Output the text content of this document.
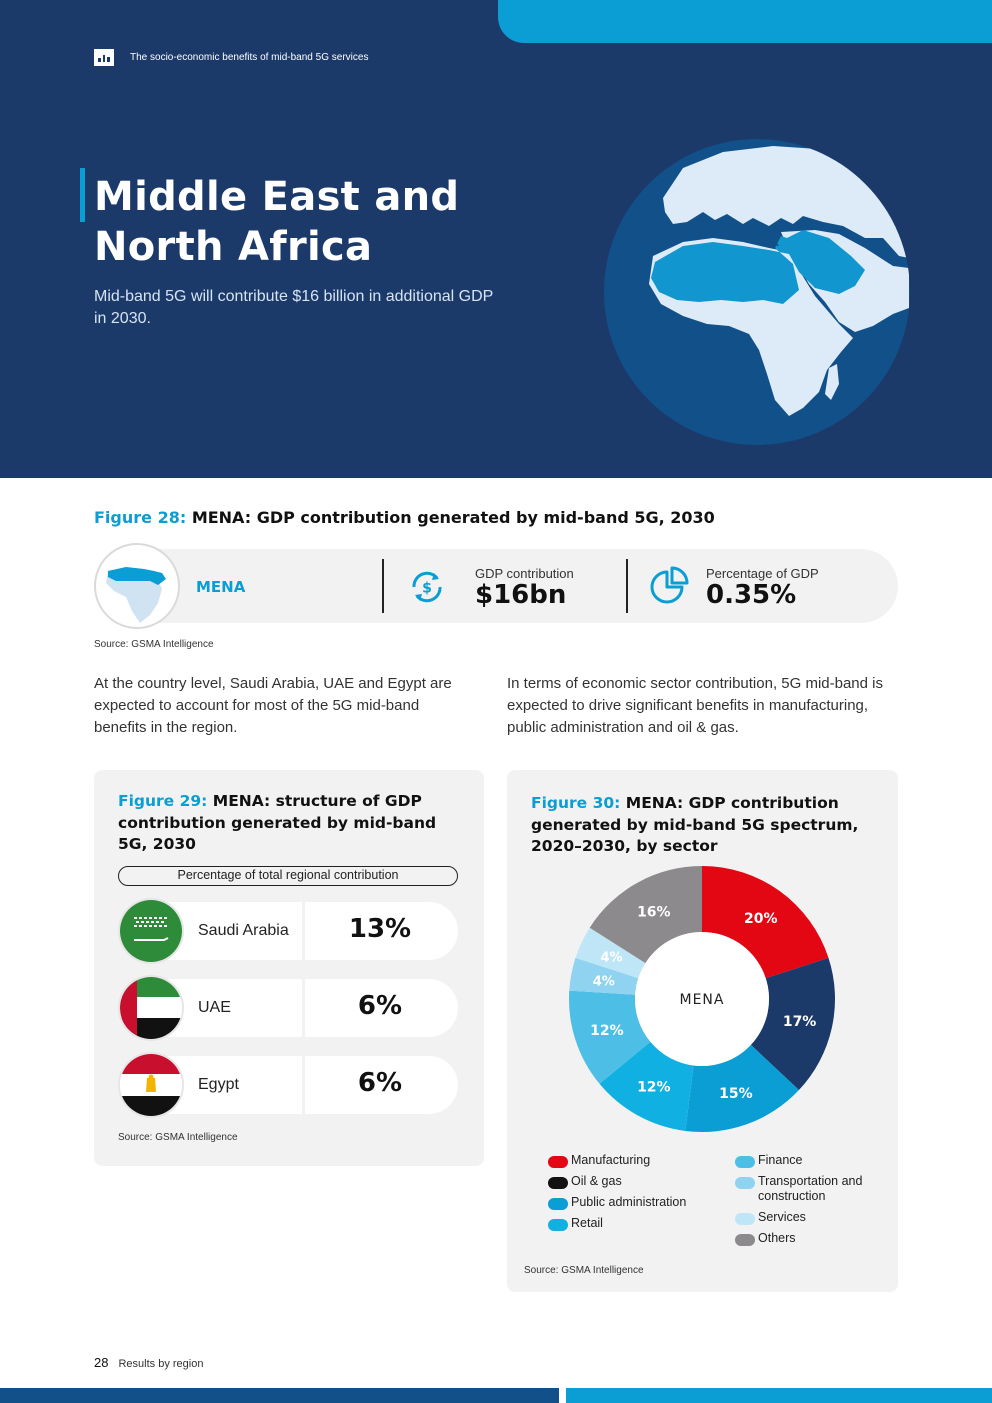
The socio-economic benefits of mid-band 5G services
Middle East and North Africa

Mid-band 5G will contribute $16 billion in additional GDP in 2030.

Figure 28: MENA: GDP contribution generated by mid-band 5G, 2030
MENA	$
GDP contribution
$16bn
Percentage of GDP
0.35%
Source: GSMA Intelligence

At the country level, Saudi Arabia, UAE and Egypt are expected to account for most of the 5G mid-band benefits in the region.

In terms of economic sector contribution, 5G mid-band is expected to drive significant benefits in manufacturing, public administration and oil & gas.

Figure 29: MENA: structure of GDP contribution generated by mid-band 5G, 2030
Percentage of total regional contribution
Saudi Arabia	13%
UAE	6%
Egypt	6%
Source: GSMA Intelligence
Figure 30: MENA: GDP contribution generated by mid-band 5G spectrum, 2020–2030, by sector
MENA
20%
17%
15%
12%
12%
4%
4%
16%
Manufacturing
Oil & gas
Public administration
Retail
Finance
Transportation and construction
Services
Others
Source: GSMA Intelligence
28 Results by region
